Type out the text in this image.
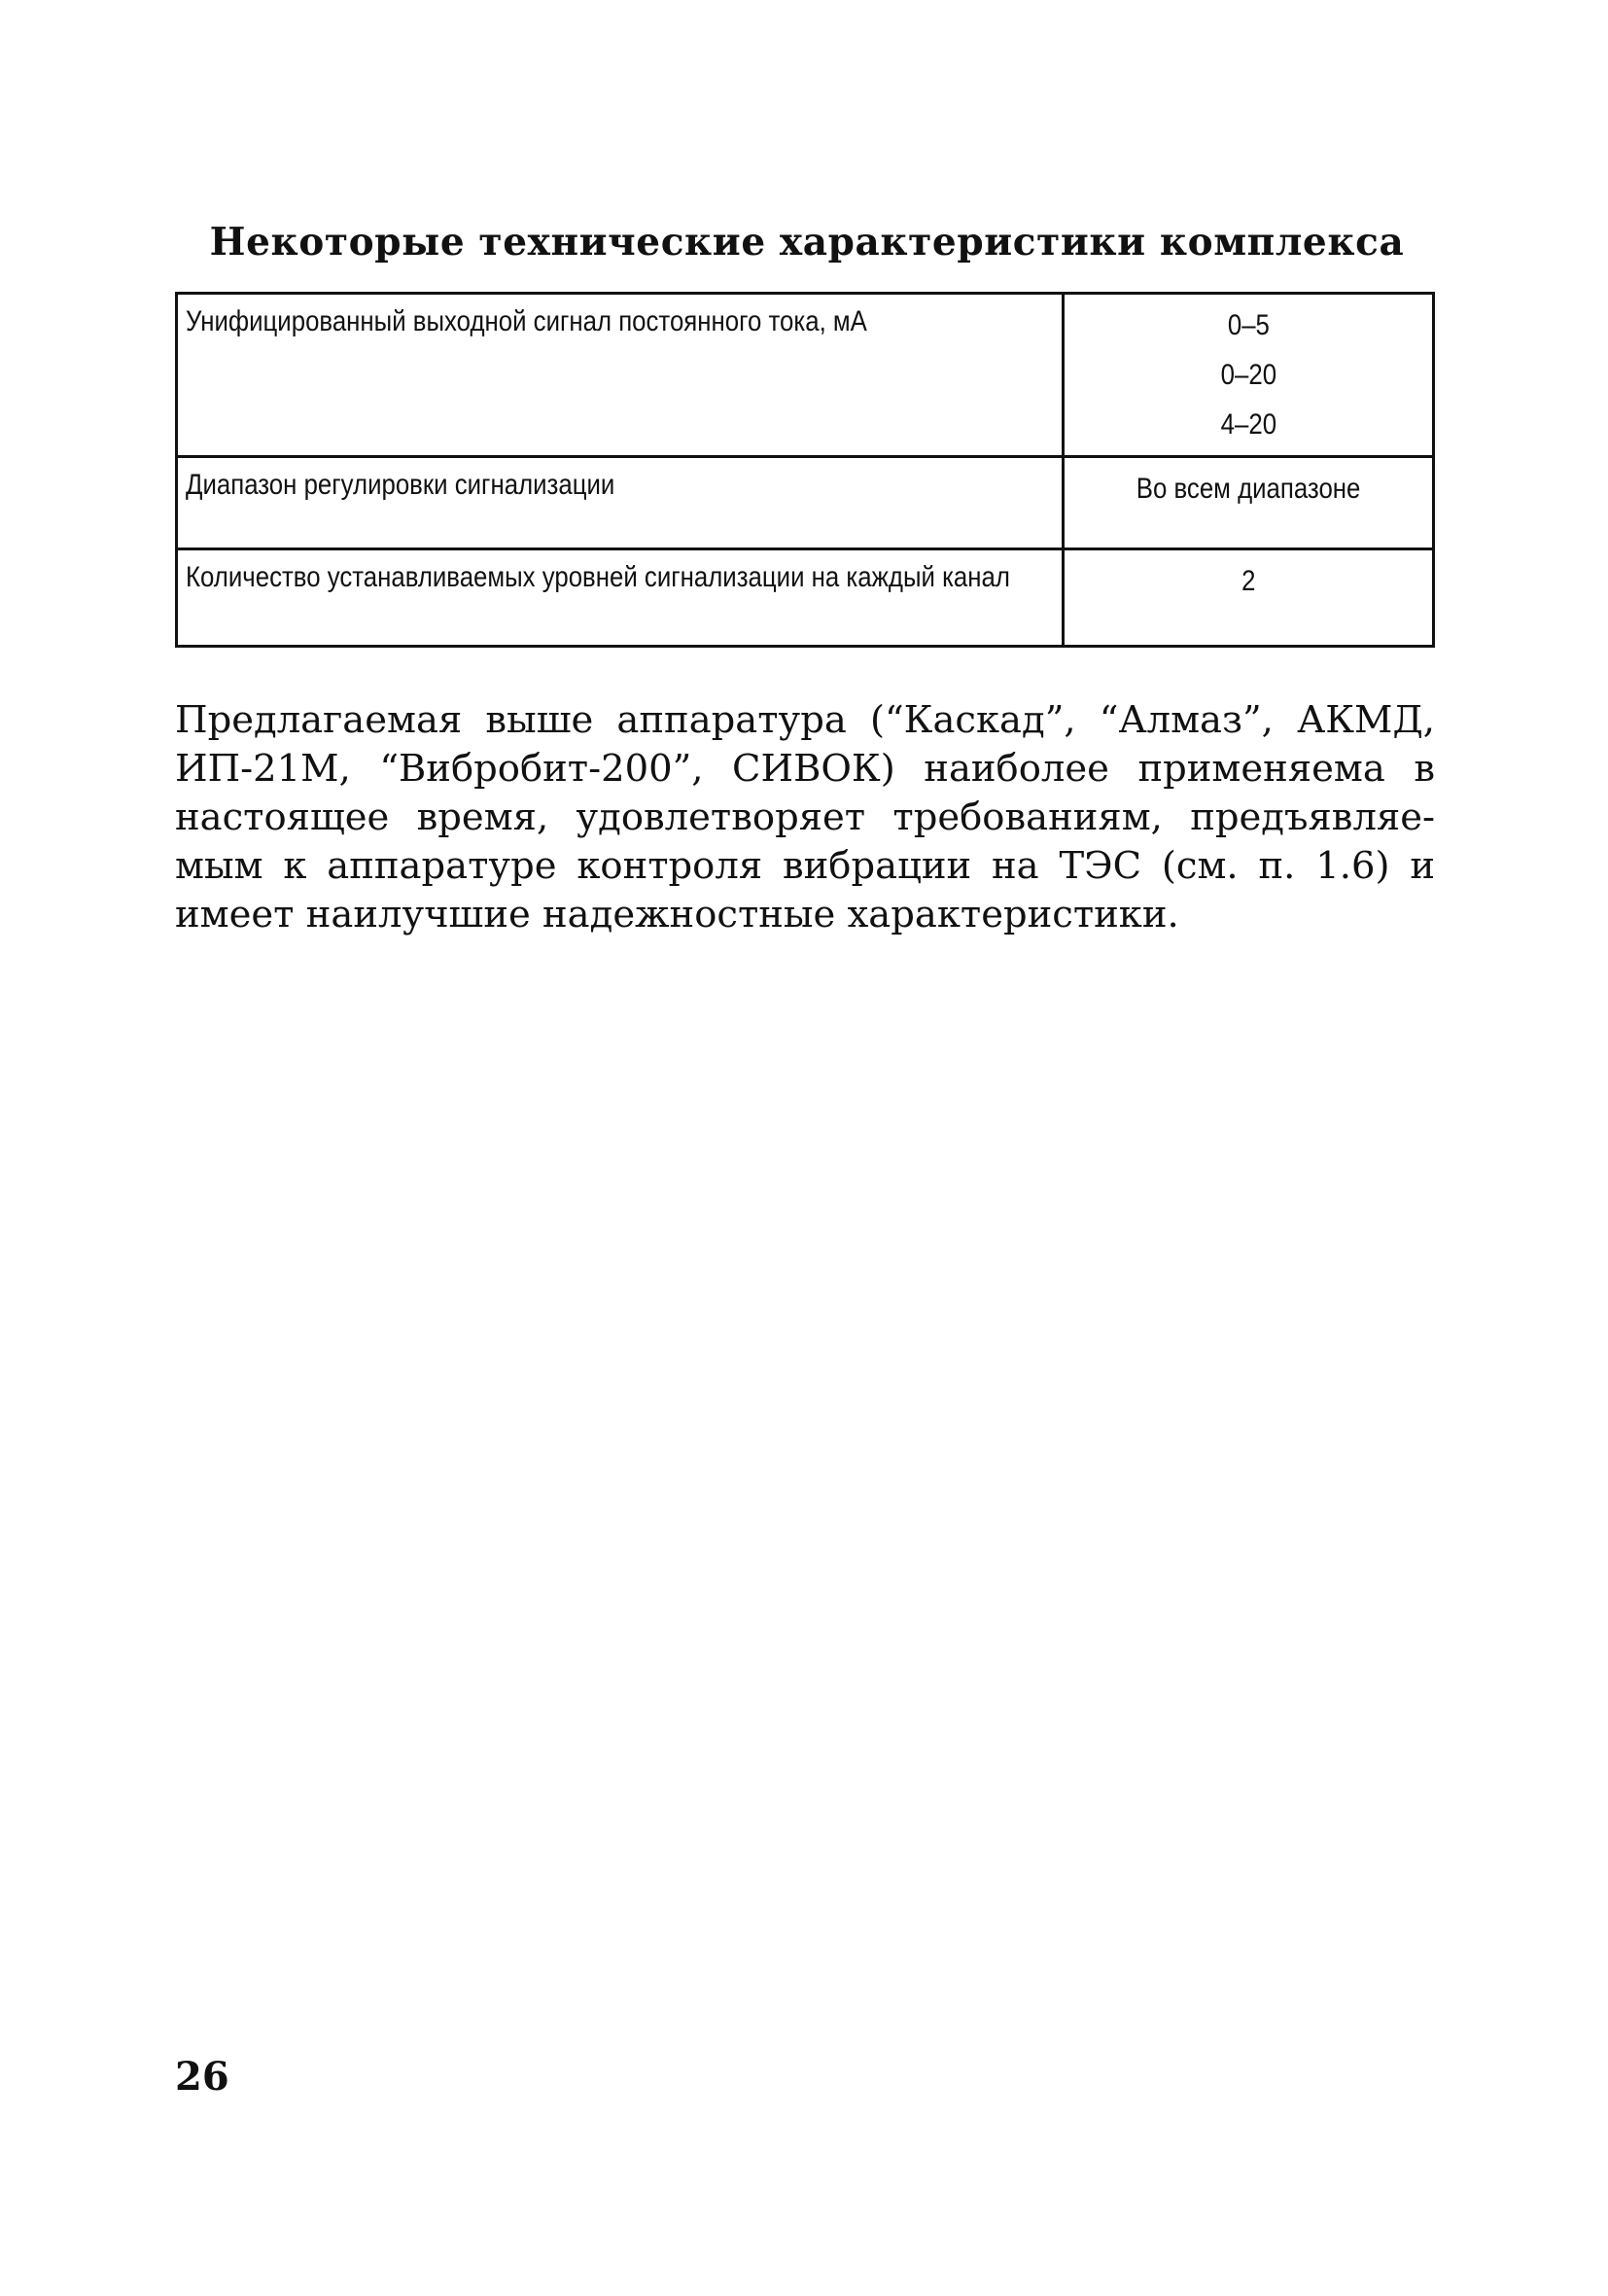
Некоторые технические характеристики комплекса
Унифицированный выходной сигнал постоянного тока, мА	0–5
0–20
4–20

Диапазон регулировки сигнализации	Во всем диапазоне

Количество устанавливаемых уровней сигнализации на каждый канал	2
Предлагаемая выше аппаратура (“Каскад”, “Алмаз”, АКМД,
ИП-21М, “Вибробит-200”, СИВОК) наиболее применяема в
настоящее время, удовлетворяет требованиям, предъявляе-
мым к аппаратуре контроля вибрации на ТЭС (см. п. 1.6) и
имеет наилучшие надежностные характеристики.
26
